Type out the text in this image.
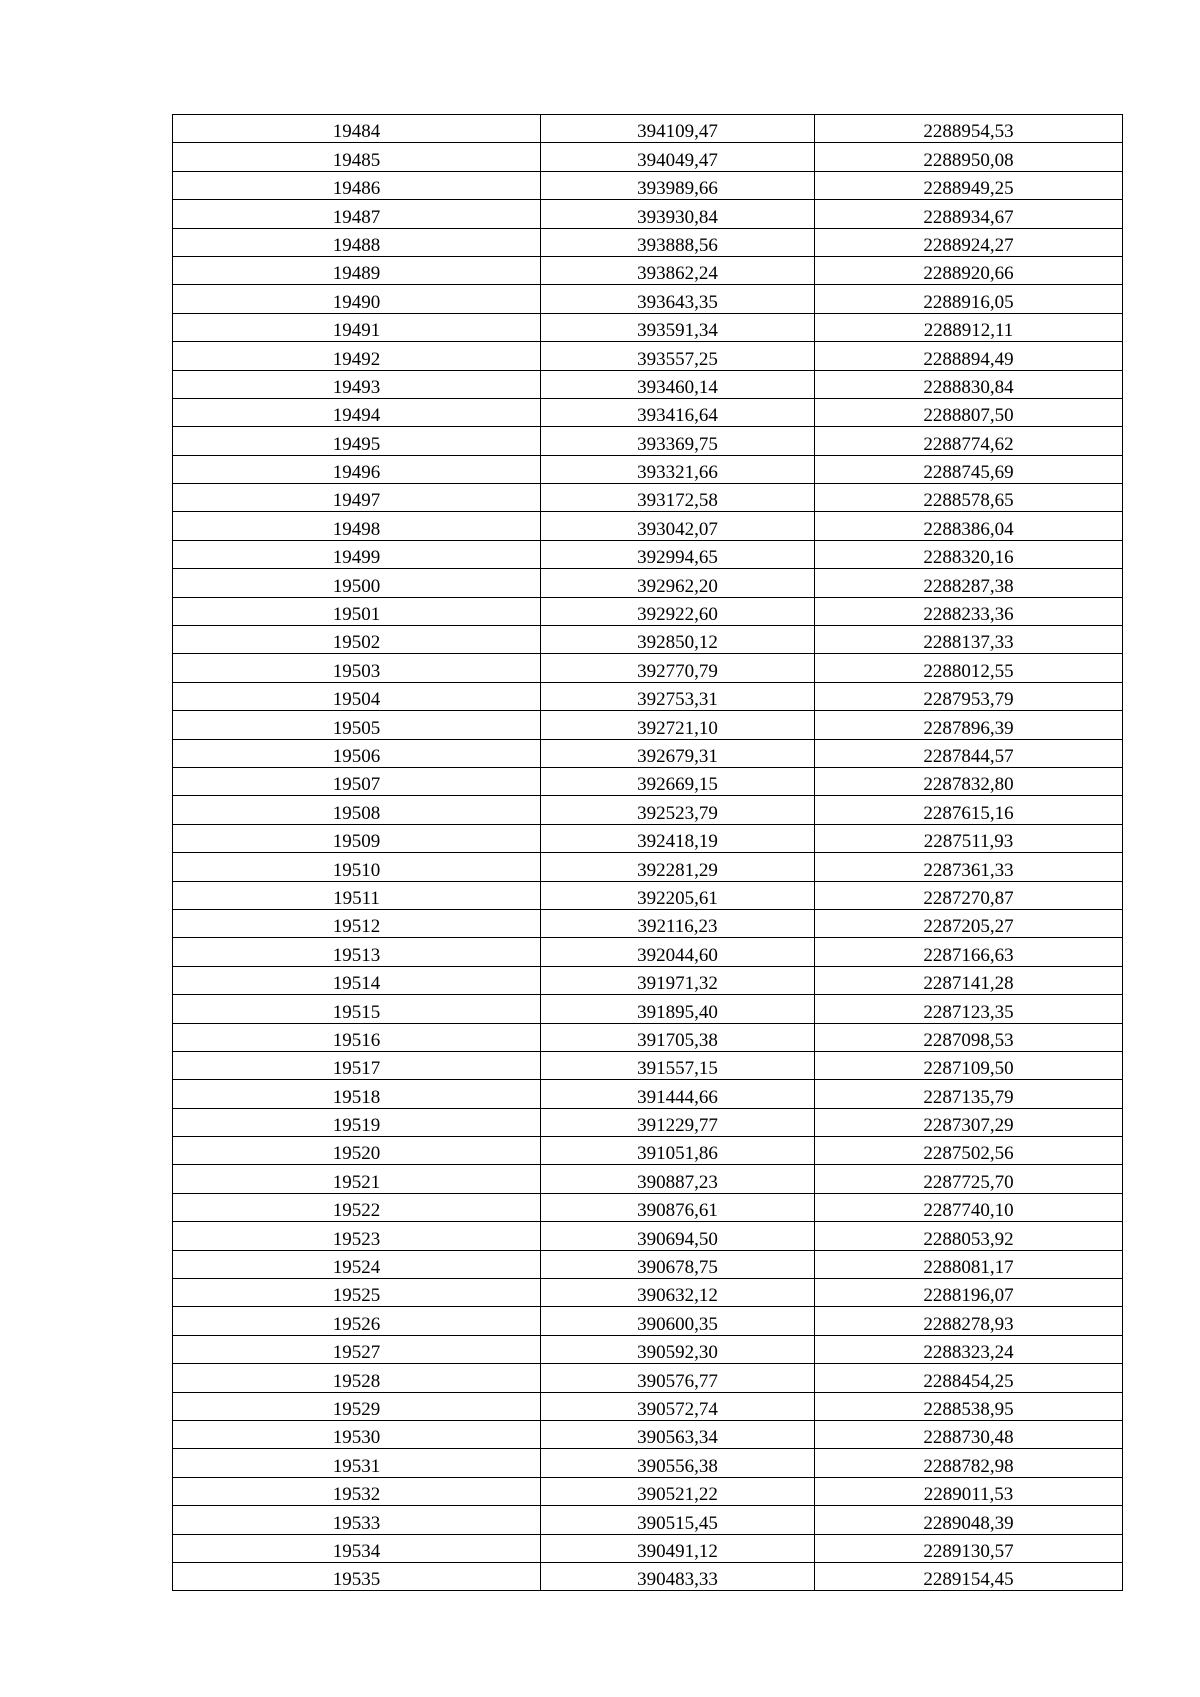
19484	394109,47	2288954,53
19485	394049,47	2288950,08
19486	393989,66	2288949,25
19487	393930,84	2288934,67
19488	393888,56	2288924,27
19489	393862,24	2288920,66
19490	393643,35	2288916,05
19491	393591,34	2288912,11
19492	393557,25	2288894,49
19493	393460,14	2288830,84
19494	393416,64	2288807,50
19495	393369,75	2288774,62
19496	393321,66	2288745,69
19497	393172,58	2288578,65
19498	393042,07	2288386,04
19499	392994,65	2288320,16
19500	392962,20	2288287,38
19501	392922,60	2288233,36
19502	392850,12	2288137,33
19503	392770,79	2288012,55
19504	392753,31	2287953,79
19505	392721,10	2287896,39
19506	392679,31	2287844,57
19507	392669,15	2287832,80
19508	392523,79	2287615,16
19509	392418,19	2287511,93
19510	392281,29	2287361,33
19511	392205,61	2287270,87
19512	392116,23	2287205,27
19513	392044,60	2287166,63
19514	391971,32	2287141,28
19515	391895,40	2287123,35
19516	391705,38	2287098,53
19517	391557,15	2287109,50
19518	391444,66	2287135,79
19519	391229,77	2287307,29
19520	391051,86	2287502,56
19521	390887,23	2287725,70
19522	390876,61	2287740,10
19523	390694,50	2288053,92
19524	390678,75	2288081,17
19525	390632,12	2288196,07
19526	390600,35	2288278,93
19527	390592,30	2288323,24
19528	390576,77	2288454,25
19529	390572,74	2288538,95
19530	390563,34	2288730,48
19531	390556,38	2288782,98
19532	390521,22	2289011,53
19533	390515,45	2289048,39
19534	390491,12	2289130,57
19535	390483,33	2289154,45
